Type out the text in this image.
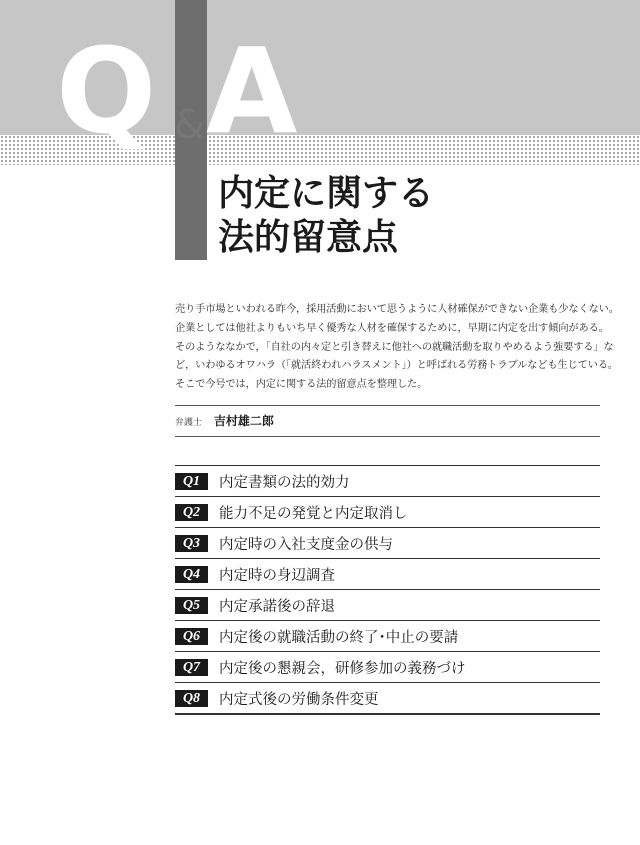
Q & A
内定に関する
法的留意点

売り手市場といわれる昨今，採用活動において思うように人材確保ができない企業も少なくない。

企業としては他社よりもいち早く優秀な人材を確保するために，早期に内定を出す傾向がある。

そのようななかで，「自社の内々定と引き替えに他社への就職活動を取りやめるよう強要する」な

ど，いわゆるオワハラ（「就活終われハラスメント」）と呼ばれる労務トラブルなども生じている。

そこで今号では，内定に関する法的留意点を整理した。

弁護士 吉村雄二郎
Q1	内定書類の法的効力
Q2	能力不足の発覚と内定取消し
Q3	内定時の入社支度金の供与
Q4	内定時の身辺調査
Q5	内定承諾後の辞退
Q6	内定後の就職活動の終了･中止の要請
Q7	内定後の懇親会，研修参加の義務づけ
Q8	内定式後の労働条件変更
